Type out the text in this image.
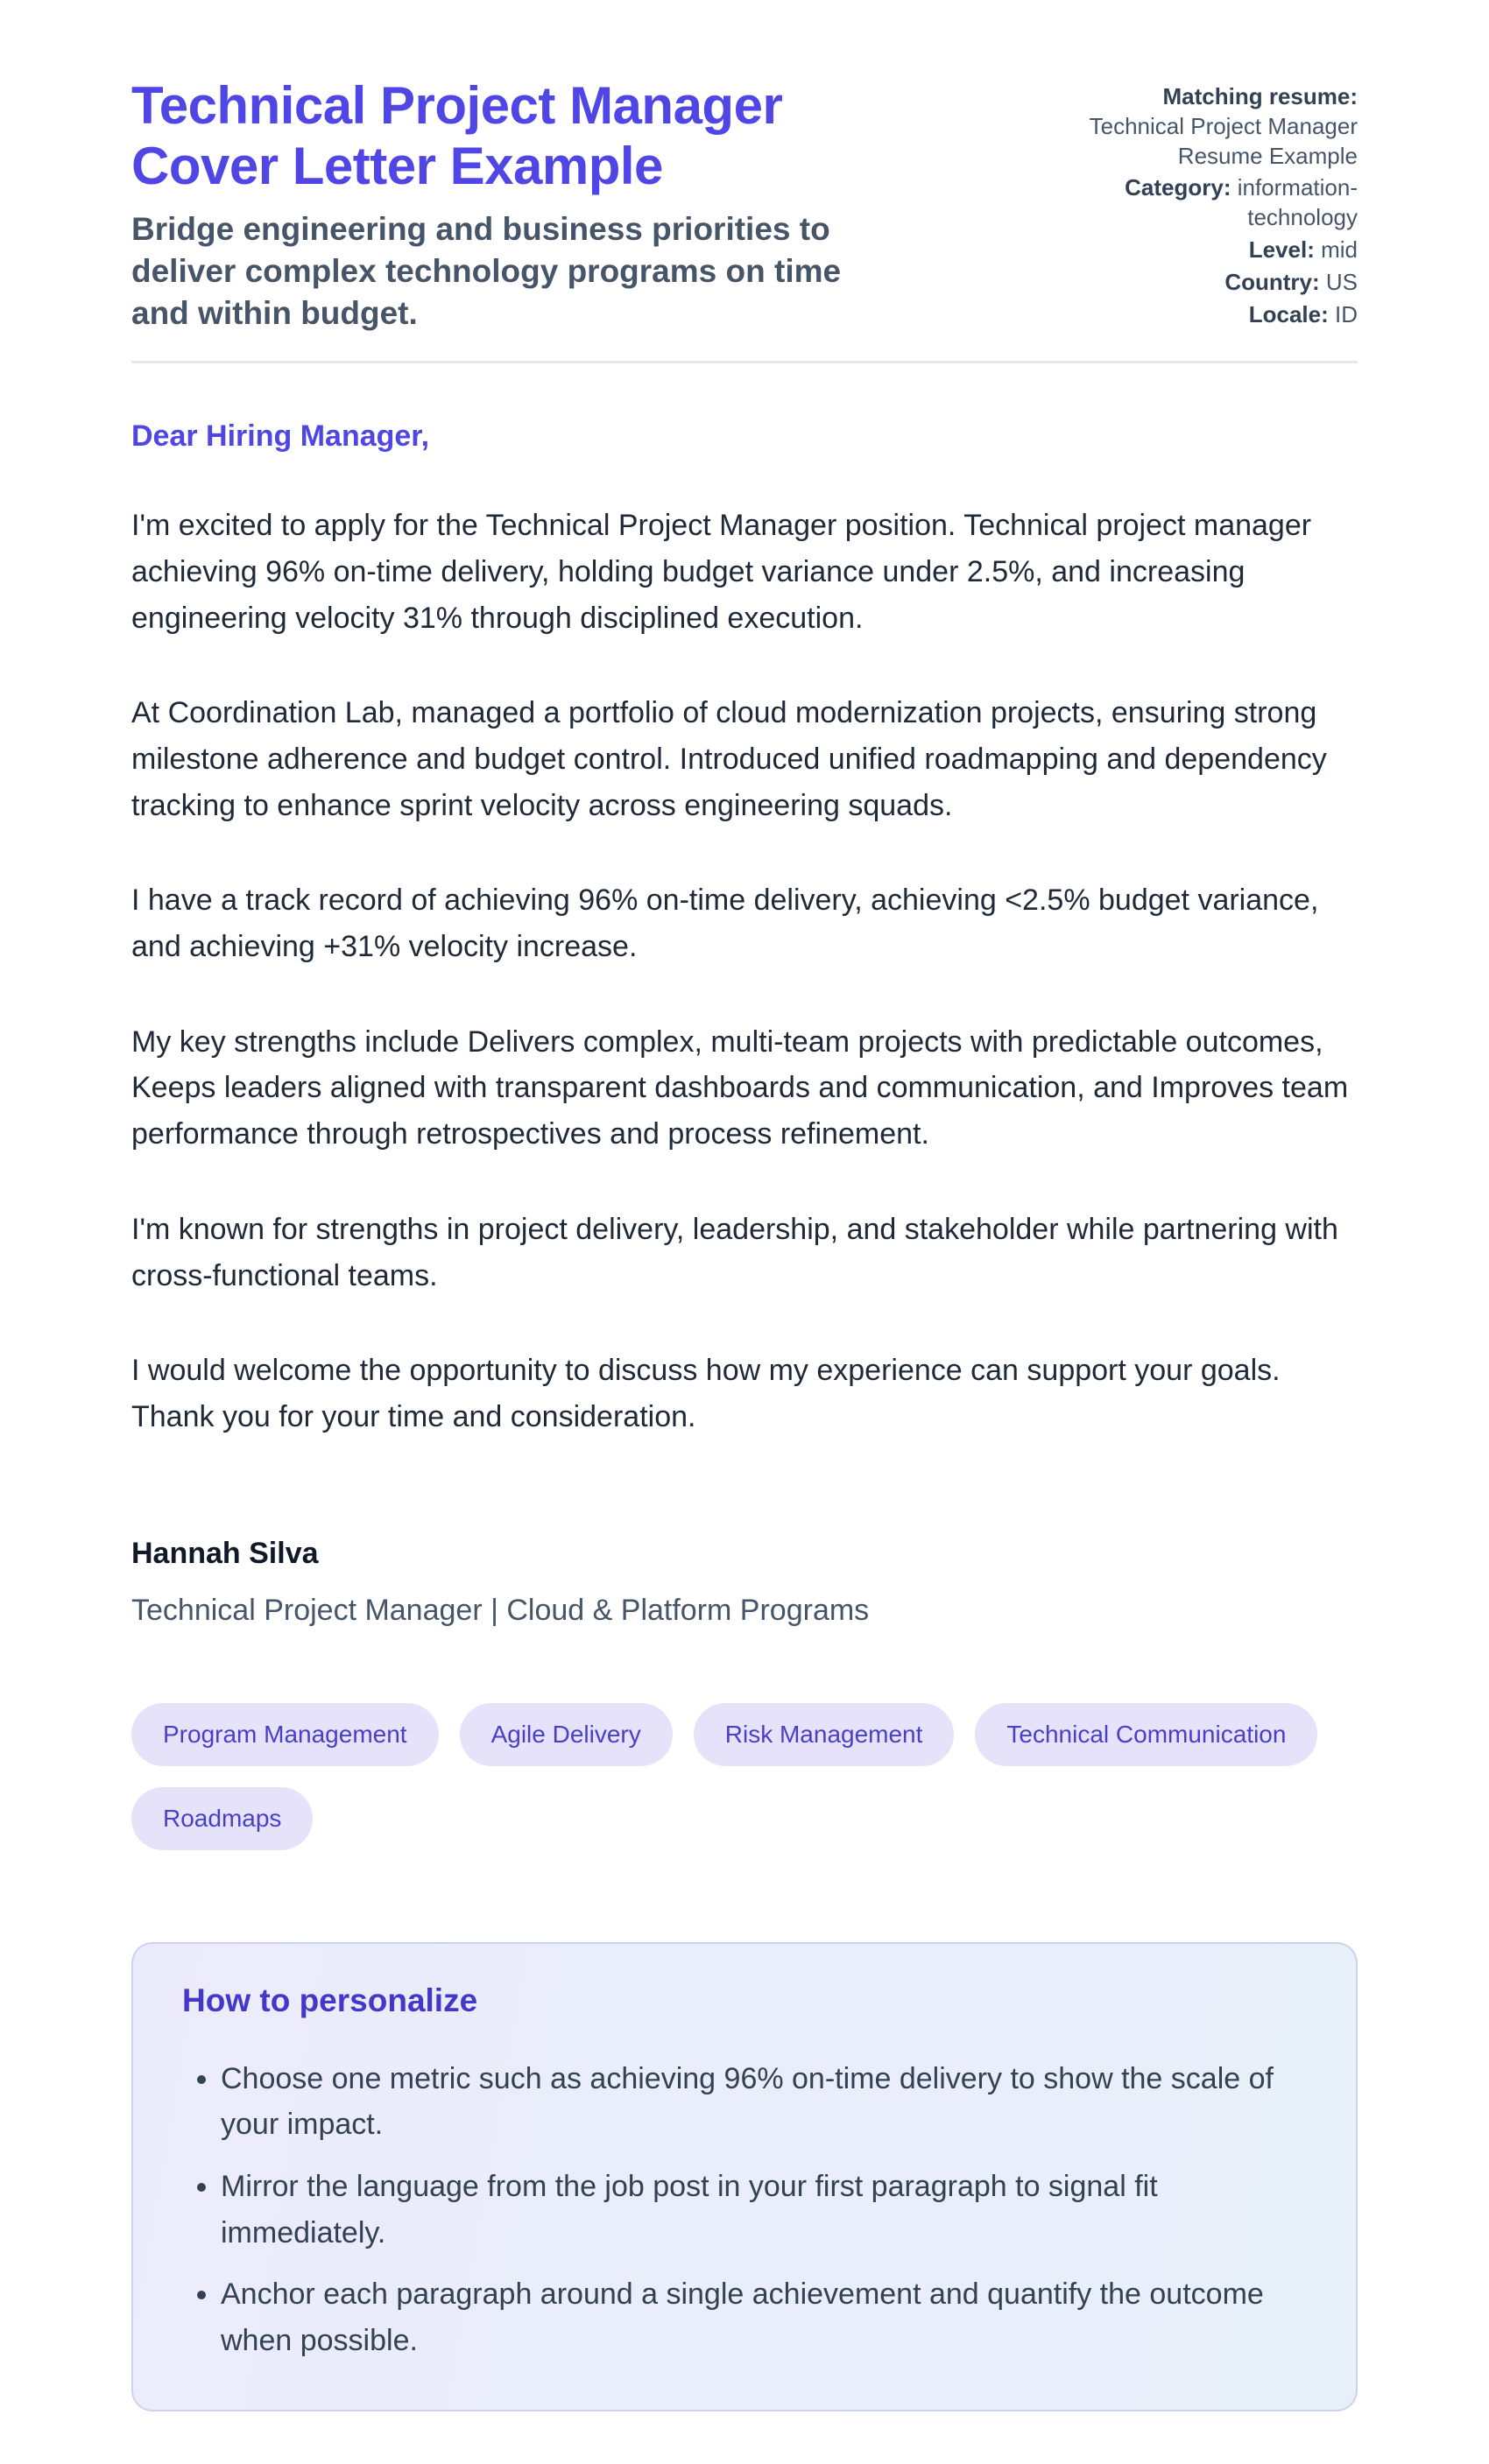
Technical Project Manager Cover Letter Example

Bridge engineering and business priorities to deliver complex technology programs on time and within budget.

Matching resume: Technical Project Manager Resume Example
Category: information-technology
Level: mid
Country: US
Locale: ID

Dear Hiring Manager,

I'm excited to apply for the Technical Project Manager position. Technical project manager achieving 96% on-time delivery, holding budget variance under 2.5%, and increasing engineering velocity 31% through disciplined execution.

At Coordination Lab, managed a portfolio of cloud modernization projects, ensuring strong milestone adherence and budget control. Introduced unified roadmapping and dependency tracking to enhance sprint velocity across engineering squads.

I have a track record of achieving 96% on-time delivery, achieving <2.5% budget variance, and achieving +31% velocity increase.

My key strengths include Delivers complex, multi-team projects with predictable outcomes, Keeps leaders aligned with transparent dashboards and communication, and Improves team performance through retrospectives and process refinement.

I'm known for strengths in project delivery, leadership, and stakeholder while partnering with cross-functional teams.

I would welcome the opportunity to discuss how my experience can support your goals. Thank you for your time and consideration.

Hannah Silva

Technical Project Manager | Cloud & Platform Programs

Program Management	Agile Delivery	Risk Management	Technical Communication
Roadmaps
How to personalize
• Choose one metric such as achieving 96% on-time delivery to show the scale of your impact.
• Mirror the language from the job post in your first paragraph to signal fit immediately.
• Anchor each paragraph around a single achievement and quantify the outcome when possible.
